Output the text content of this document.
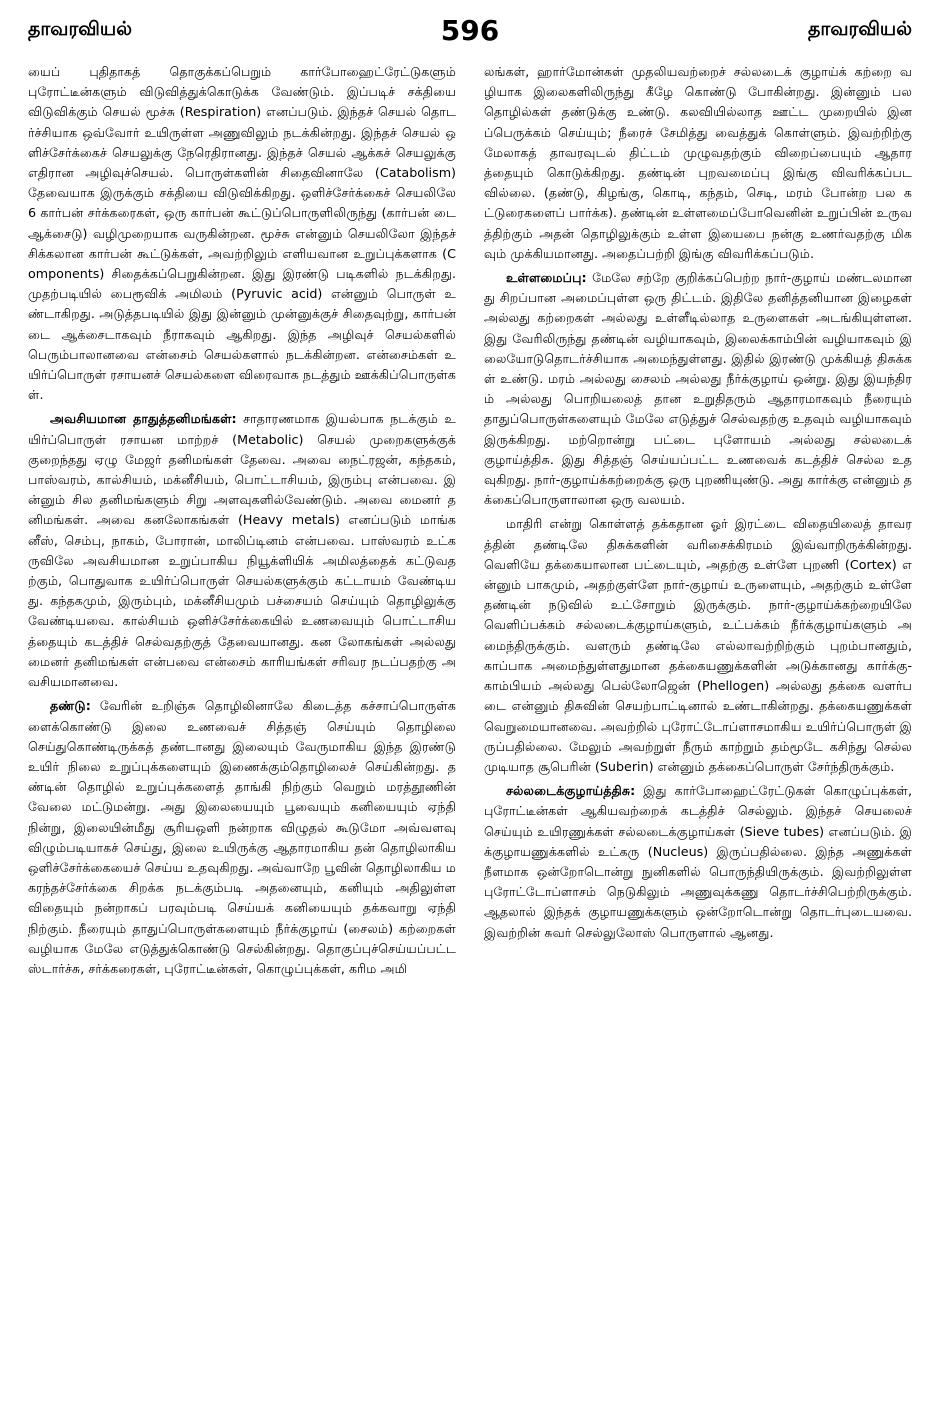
தாவரவியல்	596	தாவரவியல்

யைப் புதிதாகத் தொகுக்கப்பெறும் கார்போஹைட்ரேட்டுகளும் புரோட்டீன்களும் விடுவித்துக்கொடுக்க வேண்டும். இப்படிச் சக்தியை விடுவிக்கும் செயல் மூச்சு (Respiration) எனப்படும். இந்தச் செயல் தொடர்ச்சியாக ஒவ்வோர் உயிருள்ள அணுவிலும் நடக்கின்றது. இந்தச் செயல் ஒளிச்சேர்க்கைச் செயலுக்கு நேரெதிரானது. இந்தச் செயல் ஆக்கச் செயலுக்கு எதிரான அழிவுச்செயல். பொருள்களின் சிதைவினாலே (Catabolism) தேவையாக இருக்கும் சக்தியை விடுவிக்கிறது. ஒளிச்சேர்க்கைச் செயலிலே 6 கார்பன் சர்க்கரைகள், ஒரு கார்பன் கூட்டுப்பொருளிலிருந்து (கார்பன் டை ஆக்சைடு) வழிமுறையாக வருகின்றன. மூச்சு என்னும் செயலிலோ இந்தச் சிக்கலான கார்பன் கூட்டுக்கள், அவற்றிலும் எளியவான உறுப்புக்களாக (Components) சிதைக்கப்பெறுகின்றன. இது இரண்டு படிகளில் நடக்கிறது. முதற்படியில் பைரூவிக் அமிலம் (Pyruvic acid) என்னும் பொருள் உண்டாகிறது. அடுத்தபடியில் இது இன்னும் முன்னுக்குச் சிதைவுற்று, கார்பன் டை ஆக்சைடாகவும் நீராகவும் ஆகிறது. இந்த அழிவுச் செயல்களில் பெரும்பாலானவை என்சைம் செயல்களால் நடக்கின்றன. என்சைம்கள் உயிர்ப்பொருள் ரசாயனச் செயல்களை விரைவாக நடத்தும் ஊக்கிப்பொருள்கள்.

அவசியமான தாதுத்தனிமங்கள்: சாதாரணமாக இயல்பாக நடக்கும் உயிர்ப்பொருள் ரசாயன மாற்றச் (Metabolic) செயல் முறைகளுக்குக் குறைந்தது ஏழு மேஜர் தனிமங்கள் தேவை. அவை நைட்ரஜன், கந்தகம், பாஸ்வரம், கால்சியம், மக்னீசியம், பொட்டாசியம், இரும்பு என்பவை. இன்னும் சில தனிமங்களும் சிறு அளவுகளில்வேண்டும். அவை மைனர் தனிமங்கள். அவை கனலோகங்கள் (Heavy metals) எனப்படும் மாங்கனீஸ், செம்பு, நாகம், போரான், மாலிப்டினம் என்பவை. பாஸ்வரம் உட்கருவிலே அவசியமான உறுப்பாகிய நியூக்ளியிக் அமிலத்தைக் கட்டுவதற்கும், பொதுவாக உயிர்ப்பொருள் செயல்களுக்கும் கட்டாயம் வேண்டியது. கந்தகமும், இரும்பும், மக்னீசியமும் பச்சையம் செய்யும் தொழிலுக்கு வேண்டியவை. கால்சியம் ஒளிச்சேர்க்கையில் உணவையும் பொட்டாசியத்தையும் கடத்திச் செல்வதற்குத் தேவையானது. கன லோகங்கள் அல்லது மைனர் தனிமங்கள் என்பவை என்சைம் காரியங்கள் சரிவர நடப்பதற்கு அவசியமானவை.

தண்டு: வேரின் உறிஞ்சு தொழிலினாலே கிடைத்த கச்சாப்பொருள்களைக்கொண்டு இலை உணவைச் சித்தஞ் செய்யும் தொழிலை செய்துகொண்டிருக்கத் தண்டானது இலையும் வேருமாகிய இந்த இரண்டு உயிர் நிலை உறுப்புக்களையும் இணைக்கும்தொழிலைச் செய்கின்றது. தண்டின் தொழில் உறுப்புக்களைத் தாங்கி நிற்கும் வெறும் மரத்தூணின் வேலை மட்டுமன்று. அது இலையையும் பூவையும் கனியையும் ஏந்தி நின்று, இலையின்மீது சூரியஒளி நன்றாக விழுதல் கூடுமோ அவ்வளவு விழும்படியாகச் செய்து, இலை உயிருக்கு ஆதாரமாகிய தன் தொழிலாகிய ஒளிச்சேர்க்கையைச் செய்ய உதவுகிறது. அவ்வாறே பூவின் தொழிலாகிய மகரந்தச்சேர்க்கை சிறக்க நடக்கும்படி அதனையும், கனியும் அதிலுள்ள விதையும் நன்றாகப் பரவும்படி செய்யக் கனியையும் தக்கவாறு ஏந்தி நிற்கும். நீரையும் தாதுப்பொருள்களையும் நீர்க்குழாய் (சைலம்) கற்றைகள் வழியாக மேலே எடுத்துக்கொண்டு செல்கின்றது. தொகுப்புச்செய்யப்பட்ட ஸ்டார்ச்சு, சர்க்கரைகள், புரோட்டீன்கள், கொழுப்புக்கள், கரிம அமி

லங்கள், ஹார்மோன்கள் முதலியவற்றைச் சல்லடைக் குழாய்க் கற்றை வழியாக இலைகளிலிருந்து கீழே கொண்டு போகின்றது. இன்னும் பல தொழில்கள் தண்டுக்கு உண்டு. கலவியில்லாத ஊட்ட முறையில் இனப்பெருக்கம் செய்யும்; நீரைச் சேமித்து வைத்துக் கொள்ளும். இவற்றிற்கு மேலாகத் தாவரவுடல் திட்டம் முழுவதற்கும் விறைப்பையும் ஆதாரத்தையும் கொடுக்கிறது. தண்டின் புறவமைப்பு இங்கு விவரிக்கப்படவில்லை. (தண்டு, கிழங்கு, கொடி, கந்தம், செடி, மரம் போன்ற பல கட்டுரைகளைப் பார்க்க). தண்டின் உள்ளமைப்போவெனின் உறுப்பின் உருவத்திற்கும் அதன் தொழிலுக்கும் உள்ள இயைபை நன்கு உணர்வதற்கு மிகவும் முக்கியமானது. அதைப்பற்றி இங்கு விவரிக்கப்படும்.

உள்ளமைப்பு: மேலே சற்றே குறிக்கப்பெற்ற நார்-குழாய் மண்டலமானது சிறப்பான அமைப்புள்ள ஒரு திட்டம். இதிலே தனித்தனியான இழைகள் அல்லது கற்றைகள் அல்லது உள்ளீடில்லாத உருளைகள் அடங்கியுள்ளன. இது வேரிலிருந்து தண்டின் வழியாகவும், இலைக்காம்பின் வழியாகவும் இலையோடுதொடர்ச்சியாக அமைந்துள்ளது. இதில் இரண்டு முக்கியத் திசுக்கள் உண்டு. மரம் அல்லது சைலம் அல்லது நீர்க்குழாய் ஒன்று. இது இயந்திரம் அல்லது பொறியலைத் தான உறுதிதரும் ஆதாரமாகவும் நீரையும் தாதுப்பொருள்களையும் மேலே எடுத்துச் செல்வதற்கு உதவும் வழியாகவும் இருக்கிறது. மற்றொன்று பட்டை புளோயம் அல்லது சல்லடைக் குழாய்த்திசு. இது சித்தஞ் செய்யப்பட்ட உணவைக் கடத்திச் செல்ல உதவுகிறது. நார்-குழாய்க்கற்றைக்கு ஒரு புறணியுண்டு. அது கார்க்கு என்னும் தக்கைப்பொருளாலான ஒரு வலயம்.

மாதிரி என்று கொள்ளத் தக்கதான ஓர் இரட்டை விதையிலைத் தாவரத்தின் தண்டிலே திசுக்களின் வரிசைக்கிரமம் இவ்வாறிருக்கின்றது. வெளியே தக்கையாலான பட்டையும், அதற்கு உள்ளே புறணி (Cortex) என்னும் பாகமும், அதற்குள்ளே நார்-குழாய் உருளையும், அதற்கும் உள்ளே தண்டின் நடுவில் உட்சோறும் இருக்கும். நார்-குழாய்க்கற்றையிலே வெளிப்பக்கம் சல்லடைக்குழாய்களும், உட்பக்கம் நீர்க்குழாய்களும் அமைந்திருக்கும். வளரும் தண்டிலே எல்லாவற்றிற்கும் புறம்பானதும், காப்பாக அமைந்துள்ளதுமான தக்கையணுக்களின் அடுக்கானது கார்க்கு-காம்பியம் அல்லது பெல்லோஜென் (Phellogen) அல்லது தக்கை வளர்படை என்னும் திசுவின் செயற்பாட்டினால் உண்டாகின்றது. தக்கையணுக்கள் வெறுமையானவை. அவற்றில் புரோட்டோப்ளாசமாகிய உயிர்ப்பொருள் இருப்பதில்லை. மேலும் அவற்றுள் நீரும் காற்றும் தம்மூடே கசிந்து செல்ல முடியாத சூபெரின் (Suberin) என்னும் தக்கைப்பொருள் சேர்ந்திருக்கும்.

சல்லடைக்குழாய்த்திசு: இது கார்போஹைட்ரேட்டுகள் கொழுப்புக்கள், புரோட்டீன்கள் ஆகியவற்றைக் கடத்திச் செல்லும். இந்தச் செயலைச் செய்யும் உயிரணுக்கள் சல்லடைக்குழாய்கள் (Sieve tubes) எனப்படும். இக்குழாயணுக்களில் உட்கரு (Nucleus) இருப்பதில்லை. இந்த அணுக்கள் நீளமாக ஒன்றோடொன்று நுனிகளில் பொருந்தியிருக்கும். இவற்றிலுள்ள புரோட்டோப்ளாசம் நெடுகிலும் அணுவுக்கணு தொடர்ச்சிபெற்றிருக்கும். ஆதலால் இந்தக் குழாயணுக்களும் ஒன்றோடொன்று தொடர்புடையவை. இவற்றின் சுவர் செல்லுலோஸ் பொருளால் ஆனது.
